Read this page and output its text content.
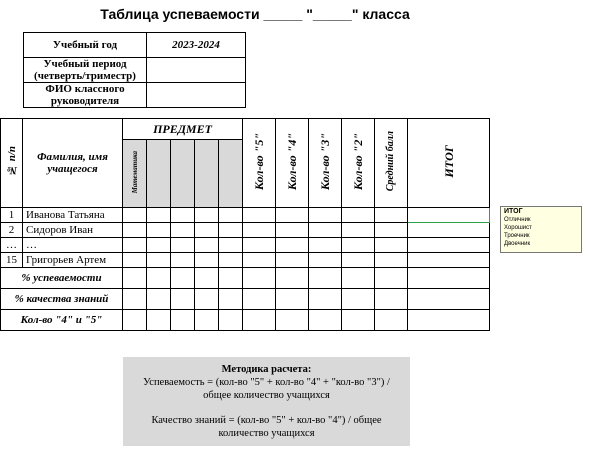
Таблица успеваемости _____ "_____" класса
Учебный год	2023-2024
Учебный период (четверть/триместр)	
ФИО классного руководителя	
№ п/п	Фамилия, имя учащегося	ПРЕДМЕТ					Кол-во "5"	Кол-во "4"	Кол-во "3"	Кол-во "2"	Средний балл	ИТОГ
		Математика										
1	Иванова Татьяна											
2	Сидоров Иван											
…	…											
15	Григорьев Артем											
% успеваемости												
% качества знаний												
Кол-во "4" и "5"												
ИТОГ
Отличник
Хорошист
Троечник
Двоечник
Методика расчета:
Успеваемость = (кол-во "5" + кол-во "4" + "кол-во "3") / общее количество учащихся
Качество знаний = (кол-во "5" + кол-во "4") / общее количество учащихся
